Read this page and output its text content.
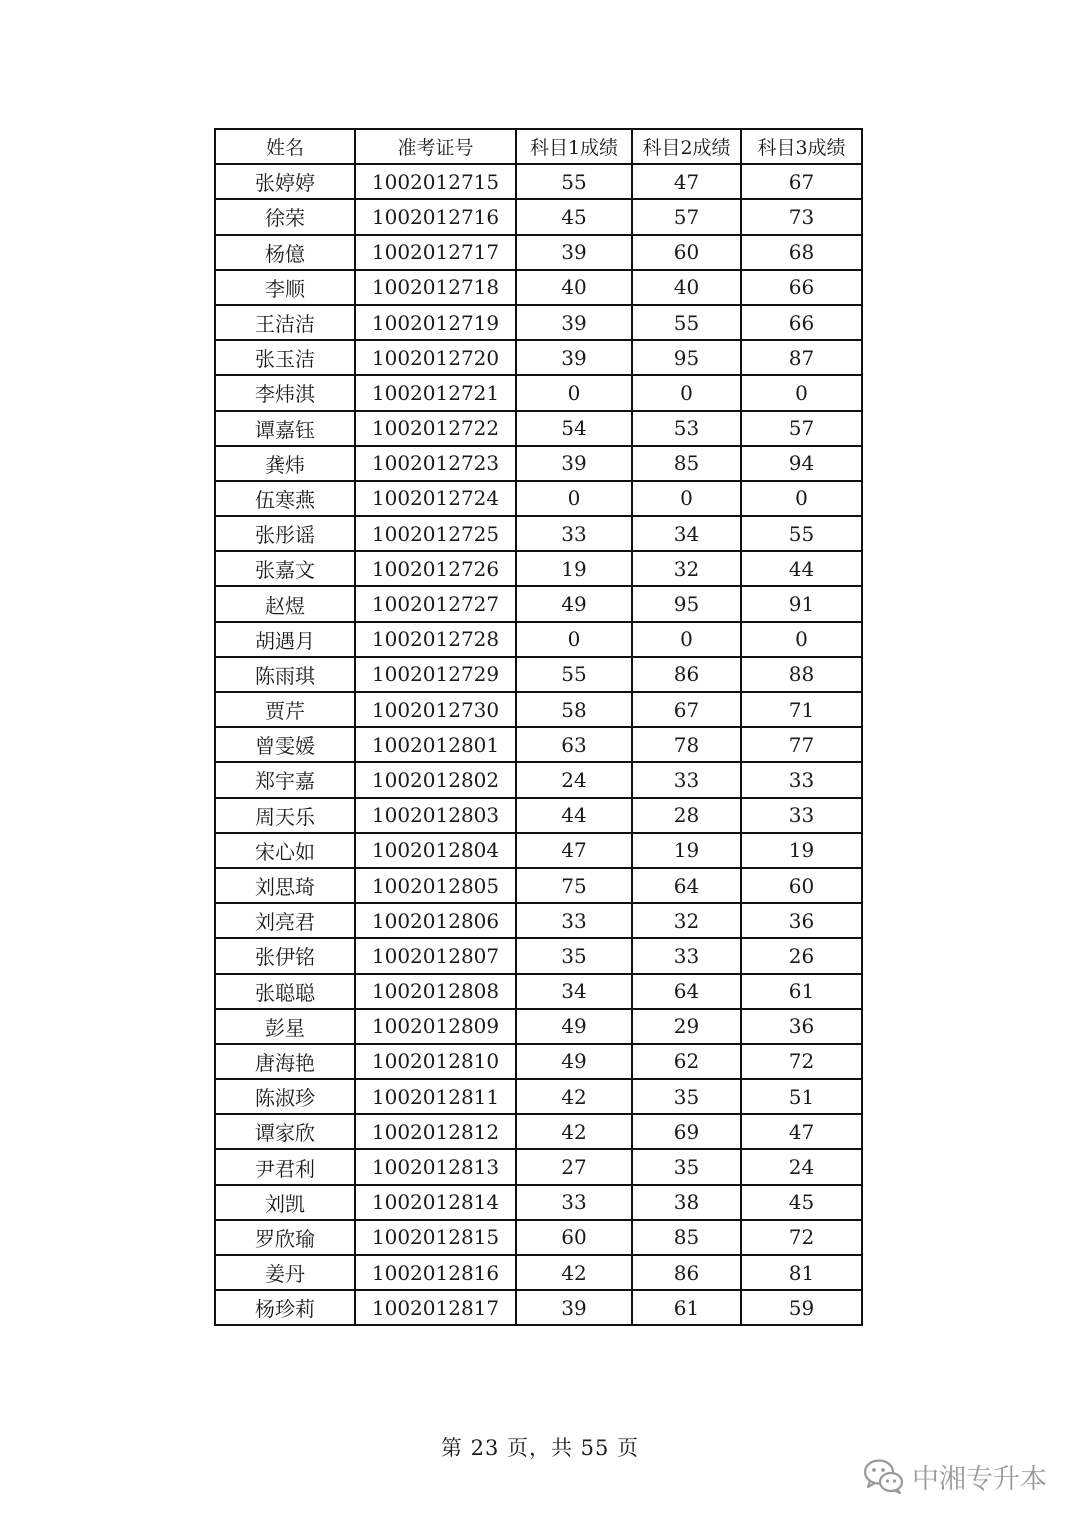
姓名	准考证号	科目1成绩	科目2成绩	科目3成绩
张婷婷	1002012715	55	47	67
徐荣	1002012716	45	57	73
杨億	1002012717	39	60	68
李顺	1002012718	40	40	66
王洁洁	1002012719	39	55	66
张玉洁	1002012720	39	95	87
李炜淇	1002012721	0	0	0
谭嘉钰	1002012722	54	53	57
龚炜	1002012723	39	85	94
伍寒燕	1002012724	0	0	0
张彤谣	1002012725	33	34	55
张嘉文	1002012726	19	32	44
赵煜	1002012727	49	95	91
胡遇月	1002012728	0	0	0
陈雨琪	1002012729	55	86	88
贾芹	1002012730	58	67	71
曾雯媛	1002012801	63	78	77
郑宇嘉	1002012802	24	33	33
周天乐	1002012803	44	28	33
宋心如	1002012804	47	19	19
刘思琦	1002012805	75	64	60
刘亮君	1002012806	33	32	36
张伊铭	1002012807	35	33	26
张聪聪	1002012808	34	64	61
彭星	1002012809	49	29	36
唐海艳	1002012810	49	62	72
陈淑珍	1002012811	42	35	51
谭家欣	1002012812	42	69	47
尹君利	1002012813	27	35	24
刘凯	1002012814	33	38	45
罗欣瑜	1002012815	60	85	72
姜丹	1002012816	42	86	81
杨珍莉	1002012817	39	61	59
第 23 页，共 55 页
中湘专升本
